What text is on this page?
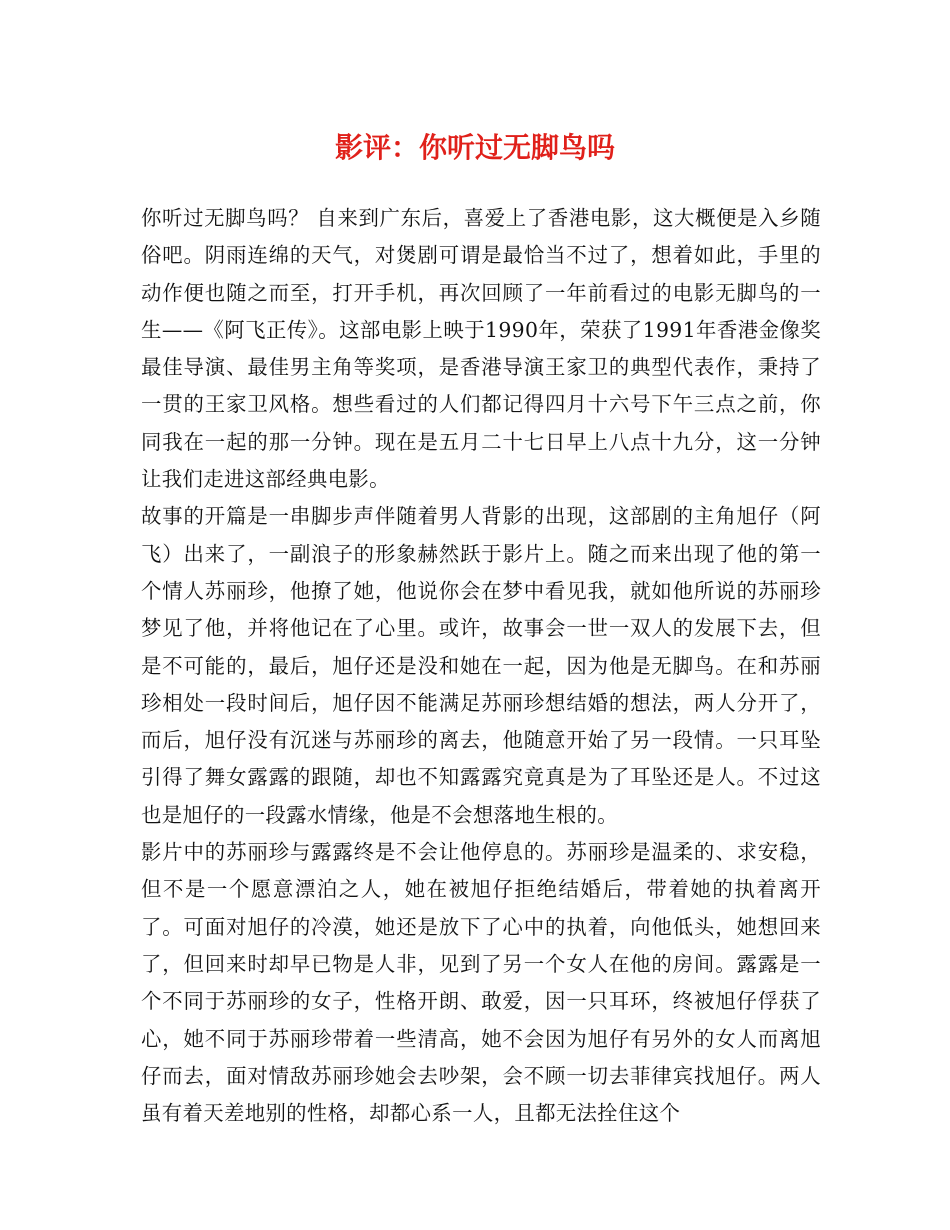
影评：你听过无脚鸟吗

你听过无脚鸟吗？ 自来到广东后，喜爱上了香港电影，这大概便是入乡随俗吧。阴雨连绵的天气，对煲剧可谓是最恰当不过了，想着如此，手里的动作便也随之而至，打开手机，再次回顾了一年前看过的电影无脚鸟的一生——《阿飞正传》。这部电影上映于1990年，荣获了1991年香港金像奖最佳导演、最佳男主角等奖项，是香港导演王家卫的典型代表作，秉持了一贯的王家卫风格。想些看过的人们都记得四月十六号下午三点之前，你同我在一起的那一分钟。现在是五月二十七日早上八点十九分，这一分钟让我们走进这部经典电影。

故事的开篇是一串脚步声伴随着男人背影的出现，这部剧的主角旭仔（阿飞）出来了，一副浪子的形象赫然跃于影片上。随之而来出现了他的第一个情人苏丽珍，他撩了她，他说你会在梦中看见我，就如他所说的苏丽珍梦见了他，并将他记在了心里。或许，故事会一世一双人的发展下去，但是不可能的，最后，旭仔还是没和她在一起，因为他是无脚鸟。在和苏丽珍相处一段时间后，旭仔因不能满足苏丽珍想结婚的想法，两人分开了，而后，旭仔没有沉迷与苏丽珍的离去，他随意开始了另一段情。一只耳坠引得了舞女露露的跟随，却也不知露露究竟真是为了耳坠还是人。不过这也是旭仔的一段露水情缘，他是不会想落地生根的。

影片中的苏丽珍与露露终是不会让他停息的。苏丽珍是温柔的、求安稳，但不是一个愿意漂泊之人，她在被旭仔拒绝结婚后，带着她的执着离开了。可面对旭仔的冷漠，她还是放下了心中的执着，向他低头，她想回来了，但回来时却早已物是人非，见到了另一个女人在他的房间。露露是一个不同于苏丽珍的女子，性格开朗、敢爱，因一只耳环，终被旭仔俘获了心，她不同于苏丽珍带着一些清高，她不会因为旭仔有另外的女人而离旭仔而去，面对情敌苏丽珍她会去吵架，会不顾一切去菲律宾找旭仔。两人虽有着天差地别的性格，却都心系一人，且都无法拴住这个
